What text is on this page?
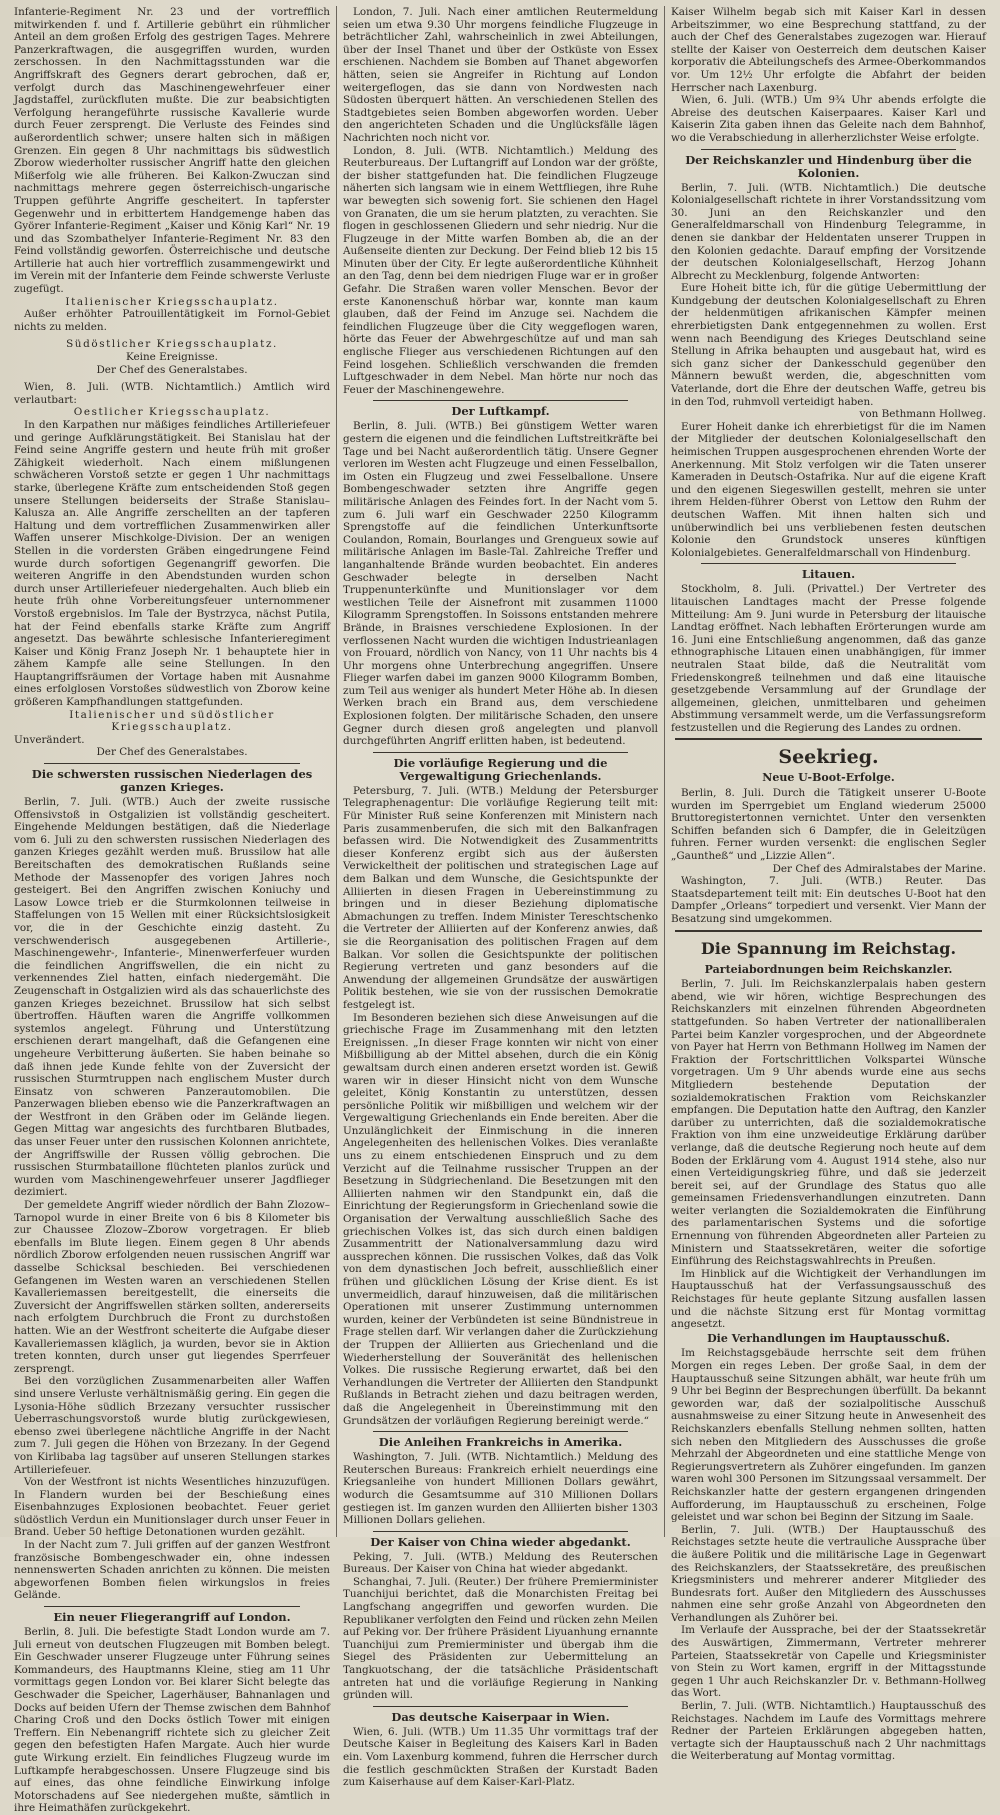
Infanterie-Regiment Nr. 23 und der vortrefflich mitwirkenden f. und f. Artillerie gebührt ein rühmlicher Anteil an dem großen Erfolg des gestrigen Tages. Mehrere Panzerkraftwagen, die ausgegriffen wurden, wurden zerschossen. In den Nachmittagsstunden war die Angriffskraft des Gegners derart gebrochen, daß er, verfolgt durch das Maschinengewehrfeuer einer Jagdstaffel, zurückfluten mußte. Die zur beabsichtigten Verfolgung herangeführte russische Kavallerie wurde durch Feuer zersprengt. Die Verluste des Feindes sind außerordentlich schwer; unsere halten sich in mäßigen Grenzen. Ein gegen 8 Uhr nachmittags bis südwestlich Zborow wiederholter russischer Angriff hatte den gleichen Mißerfolg wie alle früheren. Bei Kalkon-Zwuczan sind nachmittags mehrere gegen österreichisch-ungarische Truppen geführte Angriffe gescheitert. In tapferster Gegenwehr und in erbittertem Handgemenge haben das Györer Infanterie-Regiment „Kaiser und König Karl“ Nr. 19 und das Szombathelyer Infanterie-Regiment Nr. 83 den Feind vollständig geworfen. Österreichische und deutsche Artillerie hat auch hier vortrefflich zusammengewirkt und im Verein mit der Infanterie dem Feinde schwerste Verluste zugefügt.

Italienischer Kriegsschauplatz.

Außer erhöhter Patrouillentätigkeit im Fornol-Gebiet nichts zu melden.

Südöstlicher Kriegsschauplatz.

Keine Ereignisse.

Der Chef des Generalstabes.

Wien, 8. Juli. (WTB. Nichtamtlich.) Amtlich wird verlautbart:

Oestlicher Kriegsschauplatz.

In den Karpathen nur mäßiges feindliches Artilleriefeuer und geringe Aufklärungstätigkeit. Bei Stanislau hat der Feind seine Angriffe gestern und heute früh mit großer Zähigkeit wiederholt. Nach einem mißlungenen schwächeren Vorstoß setzte er gegen 1 Uhr nachmittags starke, überlegene Kräfte zum entscheidenden Stoß gegen unsere Stellungen beiderseits der Straße Stanislau–Kalusza an. Alle Angriffe zerschellten an der tapferen Haltung und dem vortrefflichen Zusammenwirken aller Waffen unserer Mischkolge-Division. Der an wenigen Stellen in die vordersten Gräben eingedrungene Feind wurde durch sofortigen Gegenangriff geworfen. Die weiteren Angriffe in den Abendstunden wurden schon durch unser Artilleriefeuer niedergehalten. Auch blieb ein heute früh ohne Vorbereitungsfeuer unternommener Vorstoß ergebnislos. Im Tale der Bystrzyca, nächst Putila, hat der Feind ebenfalls starke Kräfte zum Angriff angesetzt. Das bewährte schlesische Infanterieregiment Kaiser und König Franz Joseph Nr. 1 behauptete hier in zähem Kampfe alle seine Stellungen. In den Hauptangriffsräumen der Vortage haben mit Ausnahme eines erfolglosen Vorstoßes südwestlich von Zborow keine größeren Kampfhandlungen stattgefunden.

Italienischer und südöstlicher Kriegsschauplatz.

Unverändert.

Der Chef des Generalstabes.

Die schwersten russischen Niederlagen des ganzen Krieges.

Berlin, 7. Juli. (WTB.) Auch der zweite russische Offensivstoß in Ostgalizien ist vollständig gescheitert. Eingehende Meldungen bestätigen, daß die Niederlage vom 6. Juli zu den schwersten russischen Niederlagen des ganzen Krieges gezählt werden muß. Brussilow hat alle Bereitschaften des demokratischen Rußlands seine Methode der Massenopfer des vorigen Jahres noch gesteigert. Bei den Angriffen zwischen Koniuchy und Lasow Lowce trieb er die Sturmkolonnen teilweise in Staffelungen von 15 Wellen mit einer Rücksichtslosigkeit vor, die in der Geschichte einzig dasteht. Zu verschwenderisch ausgegebenen Artillerie-, Maschinengewehr-, Infanterie-, Minenwerferfeuer wurden die feindlichen Angriffswellen, die ein nicht zu verkennendes Ziel hatten, einfach niedergemäht. Die Zeugenschaft in Ostgalizien wird als das schauerlichste des ganzen Krieges bezeichnet. Brussilow hat sich selbst übertroffen. Häuften waren die Angriffe vollkommen systemlos angelegt. Führung und Unterstützung erschienen derart mangelhaft, daß die Gefangenen eine ungeheure Verbitterung äußerten. Sie haben beinahe so daß ihnen jede Kunde fehlte von der Zuversicht der russischen Sturmtruppen nach englischem Muster durch Einsatz von schweren Panzerautomobilen. Die Panzerwagen blieben ebenso wie die Panzerkraftwagen an der Westfront in den Gräben oder im Gelände liegen. Gegen Mittag war angesichts des furchtbaren Blutbades, das unser Feuer unter den russischen Kolonnen anrichtete, der Angriffswille der Russen völlig gebrochen. Die russischen Sturmbataillone flüchteten planlos zurück und wurden vom Maschinengewehrfeuer unserer Jagdflieger dezimiert.

Der gemeldete Angriff wieder nördlich der Bahn Zlozow–Tarnopol wurde in einer Breite von 6 bis 8 Kilometer bis zur Chaussee Zlozow–Zborow vorgetragen. Er blieb ebenfalls im Blute liegen. Einem gegen 8 Uhr abends nördlich Zborow erfolgenden neuen russischen Angriff war dasselbe Schicksal beschieden. Bei verschiedenen Gefangenen im Westen waren an verschiedenen Stellen Kavalleriemassen bereitgestellt, die einerseits die Zuversicht der Angriffswellen stärken sollten, andererseits nach erfolgtem Durchbruch die Front zu durchstoßen hatten. Wie an der Westfront scheiterte die Aufgabe dieser Kavalleriemassen kläglich, ja wurden, bevor sie in Aktion treten konnten, durch unser gut liegendes Sperrfeuer zersprengt.

Bei den vorzüglichen Zusammenarbeiten aller Waffen sind unsere Verluste verhältnismäßig gering. Ein gegen die Lysonia-Höhe südlich Brzezany versuchter russischer Ueberraschungsvorstoß wurde blutig zurückgewiesen, ebenso zwei überlegene nächtliche Angriffe in der Nacht zum 7. Juli gegen die Höhen von Brzezany. In der Gegend von Kirlibaba lag tagsüber auf unseren Stellungen starkes Artilleriefeuer.

Von der Westfront ist nichts Wesentliches hinzuzufügen. In Flandern wurden bei der Beschießung eines Eisenbahnzuges Explosionen beobachtet. Feuer geriet südöstlich Verdun ein Munitionslager durch unser Feuer in Brand. Ueber 50 heftige Detonationen wurden gezählt.

In der Nacht zum 7. Juli griffen auf der ganzen Westfront französische Bombengeschwader ein, ohne indessen nennenswerten Schaden anrichten zu können. Die meisten abgeworfenen Bomben fielen wirkungslos in freies Gelände.

Ein neuer Fliegerangriff auf London.

Berlin, 8. Juli. Die befestigte Stadt London wurde am 7. Juli erneut von deutschen Flugzeugen mit Bomben belegt. Ein Geschwader unserer Flugzeuge unter Führung seines Kommandeurs, des Hauptmanns Kleine, stieg am 11 Uhr vormittags gegen London vor. Bei klarer Sicht belegte das Geschwader die Speicher, Lagerhäuser, Bahnanlagen und Docks auf beiden Ufern der Themse zwischen dem Bahnhof Charing Croß und den Docks östlich Tower mit einigen Treffern. Ein Nebenangriff richtete sich zu gleicher Zeit gegen den befestigten Hafen Margate. Auch hier wurde gute Wirkung erzielt. Ein feindliches Flugzeug wurde im Luftkampfe herabgeschossen. Unsere Flugzeuge sind bis auf eines, das ohne feindliche Einwirkung infolge Motorschadens auf See niedergehen mußte, sämtlich in ihre Heimathäfen zurückgekehrt.

London, 7. Juli. Nach einer amtlichen Reutermeldung seien um etwa 9.30 Uhr morgens feindliche Flugzeuge in beträchtlicher Zahl, wahrscheinlich in zwei Abteilungen, über der Insel Thanet und über der Ostküste von Essex erschienen. Nachdem sie Bomben auf Thanet abgeworfen hätten, seien sie Angreifer in Richtung auf London weitergeflogen, das sie dann von Nordwesten nach Südosten überquert hätten. An verschiedenen Stellen des Stadtgebietes seien Bomben abgeworfen worden. Ueber den angerichteten Schaden und die Unglücksfälle lägen Nachrichten noch nicht vor.

London, 8. Juli. (WTB. Nichtamtlich.) Meldung des Reuterbureaus. Der Luftangriff auf London war der größte, der bisher stattgefunden hat. Die feindlichen Flugzeuge näherten sich langsam wie in einem Wettfliegen, ihre Ruhe war bewegten sich sowenig fort. Sie schienen den Hagel von Granaten, die um sie herum platzten, zu verachten. Sie flogen in geschlossenen Gliedern und sehr niedrig. Nur die Flugzeuge in der Mitte warfen Bomben ab, die an der Außenseite dienten zur Deckung. Der Feind blieb 12 bis 15 Minuten über der City. Er legte außerordentliche Kühnheit an den Tag, denn bei dem niedrigen Fluge war er in großer Gefahr. Die Straßen waren voller Menschen. Bevor der erste Kanonenschuß hörbar war, konnte man kaum glauben, daß der Feind im Anzuge sei. Nachdem die feindlichen Flugzeuge über die City weggeflogen waren, hörte das Feuer der Abwehrgeschütze auf und man sah englische Flieger aus verschiedenen Richtungen auf den Feind losgehen. Schließlich verschwanden die fremden Luftgeschwader in dem Nebel. Man hörte nur noch das Feuer der Maschinengewehre.

Der Luftkampf.

Berlin, 8. Juli. (WTB.) Bei günstigem Wetter waren gestern die eigenen und die feindlichen Luftstreitkräfte bei Tage und bei Nacht außerordentlich tätig. Unsere Gegner verloren im Westen acht Flugzeuge und einen Fesselballon, im Osten ein Flugzeug und zwei Fesselballone. Unsere Bombengeschwader setzten ihre Angriffe gegen militärische Anlagen des Feindes fort. In der Nacht vom 5. zum 6. Juli warf ein Geschwader 2250 Kilogramm Sprengstoffe auf die feindlichen Unterkunftsorte Coulandon, Romain, Bourlanges und Grengueux sowie auf militärische Anlagen im Basle-Tal. Zahlreiche Treffer und langanhaltende Brände wurden beobachtet. Ein anderes Geschwader belegte in derselben Nacht Truppenunterkünfte und Munitionslager vor dem westlichen Teile der Aisnefront mit zusammen 11000 Kilogramm Sprengstoffen. In Soissons entstanden mehrere Brände, in Braisnes verschiedene Explosionen. In der verflossenen Nacht wurden die wichtigen Industrieanlagen von Frouard, nördlich von Nancy, von 11 Uhr nachts bis 4 Uhr morgens ohne Unterbrechung angegriffen. Unsere Flieger warfen dabei im ganzen 9000 Kilogramm Bomben, zum Teil aus weniger als hundert Meter Höhe ab. In diesen Werken brach ein Brand aus, dem verschiedene Explosionen folgten. Der militärische Schaden, den unsere Gegner durch diesen groß angelegten und planvoll durchgeführten Angriff erlitten haben, ist bedeutend.

Die vorläufige Regierung und die Vergewaltigung Griechenlands.

Petersburg, 7. Juli. (WTB.) Meldung der Petersburger Telegraphenagentur: Die vorläufige Regierung teilt mit: Für Minister Ruß seine Konferenzen mit Ministern nach Paris zusammenberufen, die sich mit den Balkanfragen befassen wird. Die Notwendigkeit des Zusammentritts dieser Konferenz ergibt sich aus der äußersten Verwickeltheit der politischen und strategischen Lage auf dem Balkan und dem Wunsche, die Gesichtspunkte der Alliierten in diesen Fragen in Uebereinstimmung zu bringen und in dieser Beziehung diplomatische Abmachungen zu treffen. Indem Minister Tereschtschenko die Vertreter der Alliierten auf der Konferenz anwies, daß sie die Reorganisation des politischen Fragen auf dem Balkan. Vor sollen die Gesichtspunkte der politischen Regierung vertreten und ganz besonders auf die Anwendung der allgemeinen Grundsätze der auswärtigen Politik bestehen, wie sie von der russischen Demokratie festgelegt ist.

Im Besonderen beziehen sich diese Anweisungen auf die griechische Frage im Zusammenhang mit den letzten Ereignissen. „In dieser Frage konnten wir nicht von einer Mißbilligung ab der Mittel absehen, durch die ein König gewaltsam durch einen anderen ersetzt worden ist. Gewiß waren wir in dieser Hinsicht nicht von dem Wunsche geleitet, König Konstantin zu unterstützen, dessen persönliche Politik wir mißbilligen und welchem wir der Vergewaltigung Griechenlands ein Ende bereiten. Aber die Unzulänglichkeit der Einmischung in die inneren Angelegenheiten des hellenischen Volkes. Dies veranlaßte uns zu einem entschiedenen Einspruch und zu dem Verzicht auf die Teilnahme russischer Truppen an der Besetzung in Südgriechenland. Die Besetzungen mit den Alliierten nahmen wir den Standpunkt ein, daß die Einrichtung der Regierungsform in Griechenland sowie die Organisation der Verwaltung ausschließlich Sache des griechischen Volkes ist, das sich durch einen baldigen Zusammentritt der Nationalversammlung dazu wird aussprechen können. Die russischen Volkes, daß das Volk von dem dynastischen Joch befreit, ausschließlich einer frühen und glücklichen Lösung der Krise dient. Es ist unvermeidlich, darauf hinzuweisen, daß die militärischen Operationen mit unserer Zustimmung unternommen wurden, keiner der Verbündeten ist seine Bündnistreue in Frage stellen darf. Wir verlangen daher die Zurückziehung der Truppen der Alliierten aus Griechenland und die Wiederherstellung der Souveränität des hellenischen Volkes. Die russische Regierung erwartet, daß bei den Verhandlungen die Vertreter der Alliierten den Standpunkt Rußlands in Betracht ziehen und dazu beitragen werden, daß die Angelegenheit in Übereinstimmung mit den Grundsätzen der vorläufigen Regierung bereinigt werde.“

Die Anleihen Frankreichs in Amerika.

Washington, 7. Juli. (WTB. Nichtamtlich.) Meldung des Reuterschen Bureaus: Frankreich erhielt neuerdings eine Kriegsanleihe von hundert Millionen Dollars gewährt, wodurch die Gesamtsumme auf 310 Millionen Dollars gestiegen ist. Im ganzen wurden den Alliierten bisher 1303 Millionen Dollars geliehen.

Der Kaiser von China wieder abgedankt.

Peking, 7. Juli. (WTB.) Meldung des Reuterschen Bureaus. Der Kaiser von China hat wieder abgedankt.

Schanghai, 7. Juli. (Reuter.) Der frühere Premierminister Tuanchijui berichtet, daß die Monarchisten Freitag bei Langfschang angegriffen und geworfen wurden. Die Republikaner verfolgten den Feind und rücken zehn Meilen auf Peking vor. Der frühere Präsident Liyuanhung ernannte Tuanchijui zum Premierminister und übergab ihm die Siegel des Präsidenten zur Uebermittelung an Tangkuotschang, der die tatsächliche Präsidentschaft antreten hat und die vorläufige Regierung in Nanking gründen will.

Das deutsche Kaiserpaar in Wien.

Wien, 6. Juli. (WTB.) Um 11.35 Uhr vormittags traf der Deutsche Kaiser in Begleitung des Kaisers Karl in Baden ein. Vom Laxenburg kommend, fuhren die Herrscher durch die festlich geschmückten Straßen der Kurstadt Baden zum Kaiserhause auf dem Kaiser-Karl-Platz.

Kaiser Wilhelm begab sich mit Kaiser Karl in dessen Arbeitszimmer, wo eine Besprechung stattfand, zu der auch der Chef des Generalstabes zugezogen war. Hierauf stellte der Kaiser von Oesterreich dem deutschen Kaiser korporativ die Abteilungschefs des Armee-Oberkommandos vor. Um 12½ Uhr erfolgte die Abfahrt der beiden Herrscher nach Laxenburg.

Wien, 6. Juli. (WTB.) Um 9¾ Uhr abends erfolgte die Abreise des deutschen Kaiserpaares. Kaiser Karl und Kaiserin Zita gaben ihnen das Geleite nach dem Bahnhof, wo die Verabschiedung in allerherzlichster Weise erfolgte.

Der Reichskanzler und Hindenburg über die Kolonien.

Berlin, 7. Juli. (WTB. Nichtamtlich.) Die deutsche Kolonialgesellschaft richtete in ihrer Vorstandssitzung vom 30. Juni an den Reichskanzler und den Generalfeldmarschall von Hindenburg Telegramme, in denen sie dankbar der Heldentaten unserer Truppen in den Kolonien gedachte. Darauf empfing der Vorsitzende der deutschen Kolonialgesellschaft, Herzog Johann Albrecht zu Mecklenburg, folgende Antworten:

Eure Hoheit bitte ich, für die gütige Uebermittlung der Kundgebung der deutschen Kolonialgesellschaft zu Ehren der heldenmütigen afrikanischen Kämpfer meinen ehrerbietigsten Dank entgegennehmen zu wollen. Erst wenn nach Beendigung des Krieges Deutschland seine Stellung in Afrika behaupten und ausgebaut hat, wird es sich ganz sicher der Dankesschuld gegenüber den Männern bewußt werden, die, abgeschnitten vom Vaterlande, dort die Ehre der deutschen Waffe, getreu bis in den Tod, ruhmvoll verteidigt haben.

von Bethmann Hollweg.

Eurer Hoheit danke ich ehrerbietigst für die im Namen der Mitglieder der deutschen Kolonialgesellschaft den heimischen Truppen ausgesprochenen ehrenden Worte der Anerkennung. Mit Stolz verfolgen wir die Taten unserer Kameraden in Deutsch-Ostafrika. Nur auf die eigene Kraft und den eigenen Siegeswillen gestellt, mehren sie unter ihrem Helden-führer Oberst von Lettow den Ruhm der deutschen Waffen. Mit ihnen halten sich und unüberwindlich bei uns verbliebenen festen deutschen Kolonie den Grundstock unseres künftigen Kolonialgebietes. Generalfeldmarschall von Hindenburg.

Litauen.

Stockholm, 8. Juli. (Privattel.) Der Vertreter des litauischen Landtages macht der Presse folgende Mitteilung: Am 9. Juni wurde in Petersburg der litauische Landtag eröffnet. Nach lebhaften Erörterungen wurde am 16. Juni eine Entschließung angenommen, daß das ganze ethnographische Litauen einen unabhängigen, für immer neutralen Staat bilde, daß die Neutralität vom Friedenskongreß teilnehmen und daß eine litauische gesetzgebende Versammlung auf der Grundlage der allgemeinen, gleichen, unmittelbaren und geheimen Abstimmung versammelt werde, um die Verfassungsreform festzustellen und die Regierung des Landes zu ordnen.

Seekrieg.
Neue U-Boot-Erfolge.

Berlin, 8. Juli. Durch die Tätigkeit unserer U-Boote wurden im Sperrgebiet um England wiederum 25000 Bruttoregistertonnen vernichtet. Unter den versenkten Schiffen befanden sich 6 Dampfer, die in Geleitzügen fuhren. Ferner wurden versenkt: die englischen Segler „Gauntheß“ und „Lizzie Allen“.

Der Chef des Admiralstabes der Marine.

Washington, 7. Juli. (WTB.) Reuter. Das Staatsdepartement teilt mit: Ein deutsches U-Boot hat den Dampfer „Orleans“ torpediert und versenkt. Vier Mann der Besatzung sind umgekommen.

Die Spannung im Reichstag.
Parteiabordnungen beim Reichskanzler.

Berlin, 7. Juli. Im Reichskanzlerpalais haben gestern abend, wie wir hören, wichtige Besprechungen des Reichskanzlers mit einzelnen führenden Abgeordneten stattgefunden. So haben Vertreter der nationalliberalen Partei beim Kanzler vorgesprochen, und der Abgeordnete von Payer hat Herrn von Bethmann Hollweg im Namen der Fraktion der Fortschrittlichen Volkspartei Wünsche vorgetragen. Um 9 Uhr abends wurde eine aus sechs Mitgliedern bestehende Deputation der sozialdemokratischen Fraktion vom Reichskanzler empfangen. Die Deputation hatte den Auftrag, den Kanzler darüber zu unterrichten, daß die sozialdemokratische Fraktion von ihm eine unzweideutige Erklärung darüber verlange, daß die deutsche Regierung noch heute auf dem Boden der Erklärung vom 4. August 1914 stehe, also nur einen Verteidigungskrieg führe, und daß sie jederzeit bereit sei, auf der Grundlage des Status quo alle gemeinsamen Friedensverhandlungen einzutreten. Dann weiter verlangten die Sozialdemokraten die Einführung des parlamentarischen Systems und die sofortige Ernennung von führenden Abgeordneten aller Parteien zu Ministern und Staatssekretären, weiter die sofortige Einführung des Reichstagswahlrechts in Preußen.

Im Hinblick auf die Wichtigkeit der Verhandlungen im Hauptausschuß hat der Verfassungsausschuß des Reichstages für heute geplante Sitzung ausfallen lassen und die nächste Sitzung erst für Montag vormittag angesetzt.

Die Verhandlungen im Hauptausschuß.

Im Reichstagsgebäude herrschte seit dem frühen Morgen ein reges Leben. Der große Saal, in dem der Hauptausschuß seine Sitzungen abhält, war heute früh um 9 Uhr bei Beginn der Besprechungen überfüllt. Da bekannt geworden war, daß der sozialpolitische Ausschuß ausnahmsweise zu einer Sitzung heute in Anwesenheit des Reichskanzlers ebenfalls Stellung nehmen sollten, hatten sich neben den Mitgliedern des Ausschusses die große Mehrzahl der Abgeordneten und eine stattliche Menge von Regierungsvertretern als Zuhörer eingefunden. Im ganzen waren wohl 300 Personen im Sitzungssaal versammelt. Der Reichskanzler hatte der gestern ergangenen dringenden Aufforderung, im Hauptausschuß zu erscheinen, Folge geleistet und war schon bei Beginn der Sitzung im Saale.

Berlin, 7. Juli. (WTB.) Der Hauptausschuß des Reichstages setzte heute die vertrauliche Aussprache über die äußere Politik und die militärische Lage in Gegenwart des Reichskanzlers, der Staatssekretäre, des preußischen Kriegsministers und mehrerer anderer Mitglieder des Bundesrats fort. Außer den Mitgliedern des Ausschusses nahmen eine sehr große Anzahl von Abgeordneten den Verhandlungen als Zuhörer bei.

Im Verlaufe der Aussprache, bei der der Staatssekretär des Auswärtigen, Zimmermann, Vertreter mehrerer Parteien, Staatssekretär von Capelle und Kriegsminister von Stein zu Wort kamen, ergriff in der Mittagsstunde gegen 1 Uhr auch Reichskanzler Dr. v. Bethmann-Hollweg das Wort.

Berlin, 7. Juli. (WTB. Nichtamtlich.) Hauptausschuß des Reichstages. Nachdem im Laufe des Vormittags mehrere Redner der Parteien Erklärungen abgegeben hatten, vertagte sich der Hauptausschuß nach 2 Uhr nachmittags die Weiterberatung auf Montag vormittag.
